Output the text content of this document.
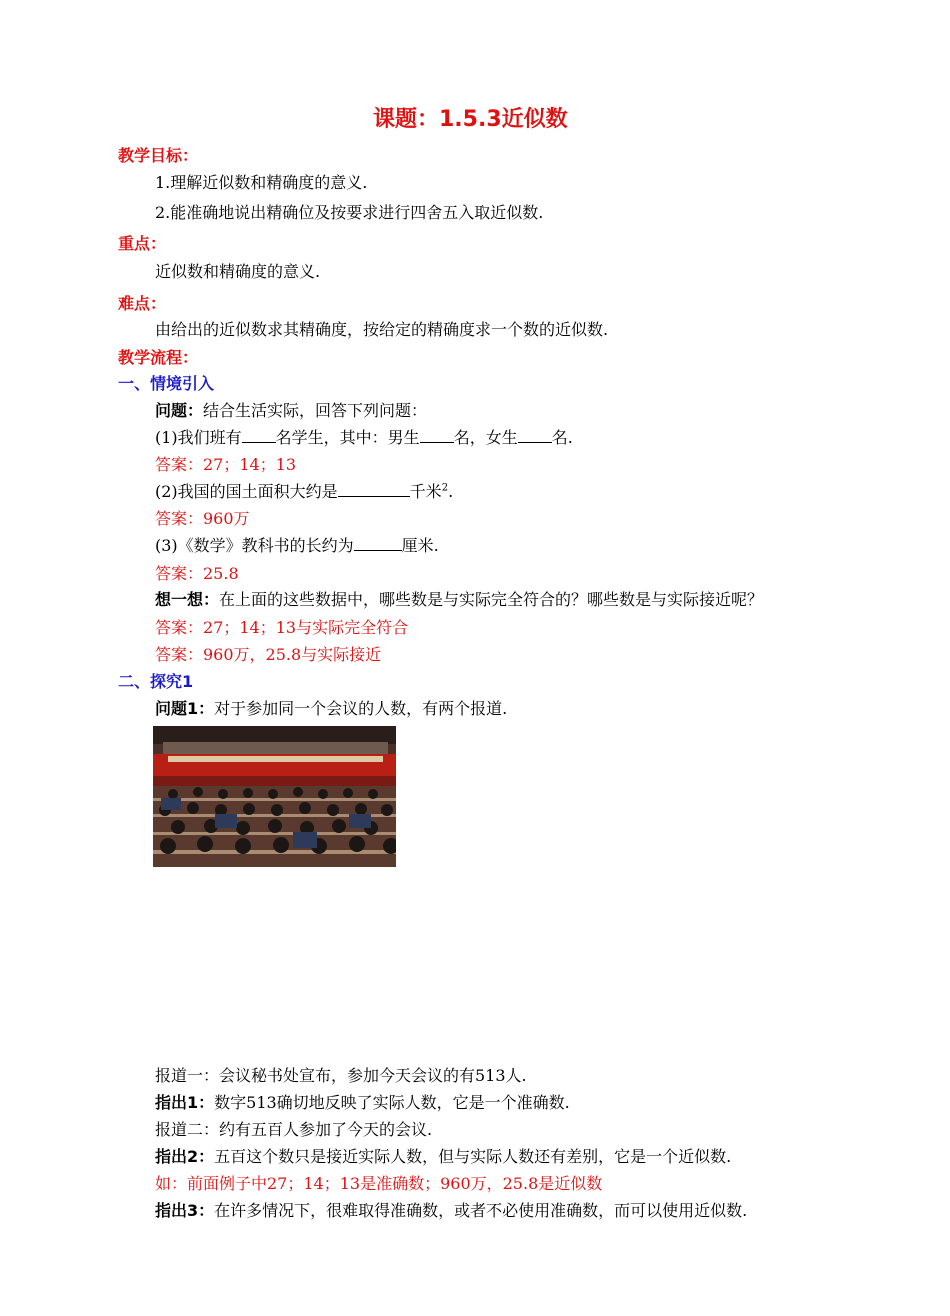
课题：1.5.3近似数
教学目标：
1.理解近似数和精确度的意义.
2.能准确地说出精确位及按要求进行四舍五入取近似数.
重点：
近似数和精确度的意义.
难点：
由给出的近似数求其精确度，按给定的精确度求一个数的近似数.
教学流程：
一、情境引入
问题：结合生活实际，回答下列问题：
(1)我们班有 名学生，其中：男生 名，女生 名.
答案：27；14；13
(2)我国的国土面积大约是	千米$^2$.
答案：960万
(3)《数学》教科书的长约为	厘米.
答案：25.8
想一想：在上面的这些数据中，哪些数是与实际完全符合的？哪些数是与实际接近呢？
答案：27；14；13与实际完全符合
答案：960万，25.8与实际接近
二、探究1
问题1：对于参加同一个会议的人数，有两个报道.
报道一：会议秘书处宣布，参加今天会议的有513人.
指出1：数字513确切地反映了实际人数，它是一个准确数.
报道二：约有五百人参加了今天的会议.
指出2：五百这个数只是接近实际人数，但与实际人数还有差别，它是一个近似数.
如：前面例子中27；14；13是准确数；960万，25.8是近似数
指出3：在许多情况下，很难取得准确数，或者不必使用准确数，而可以使用近似数.
